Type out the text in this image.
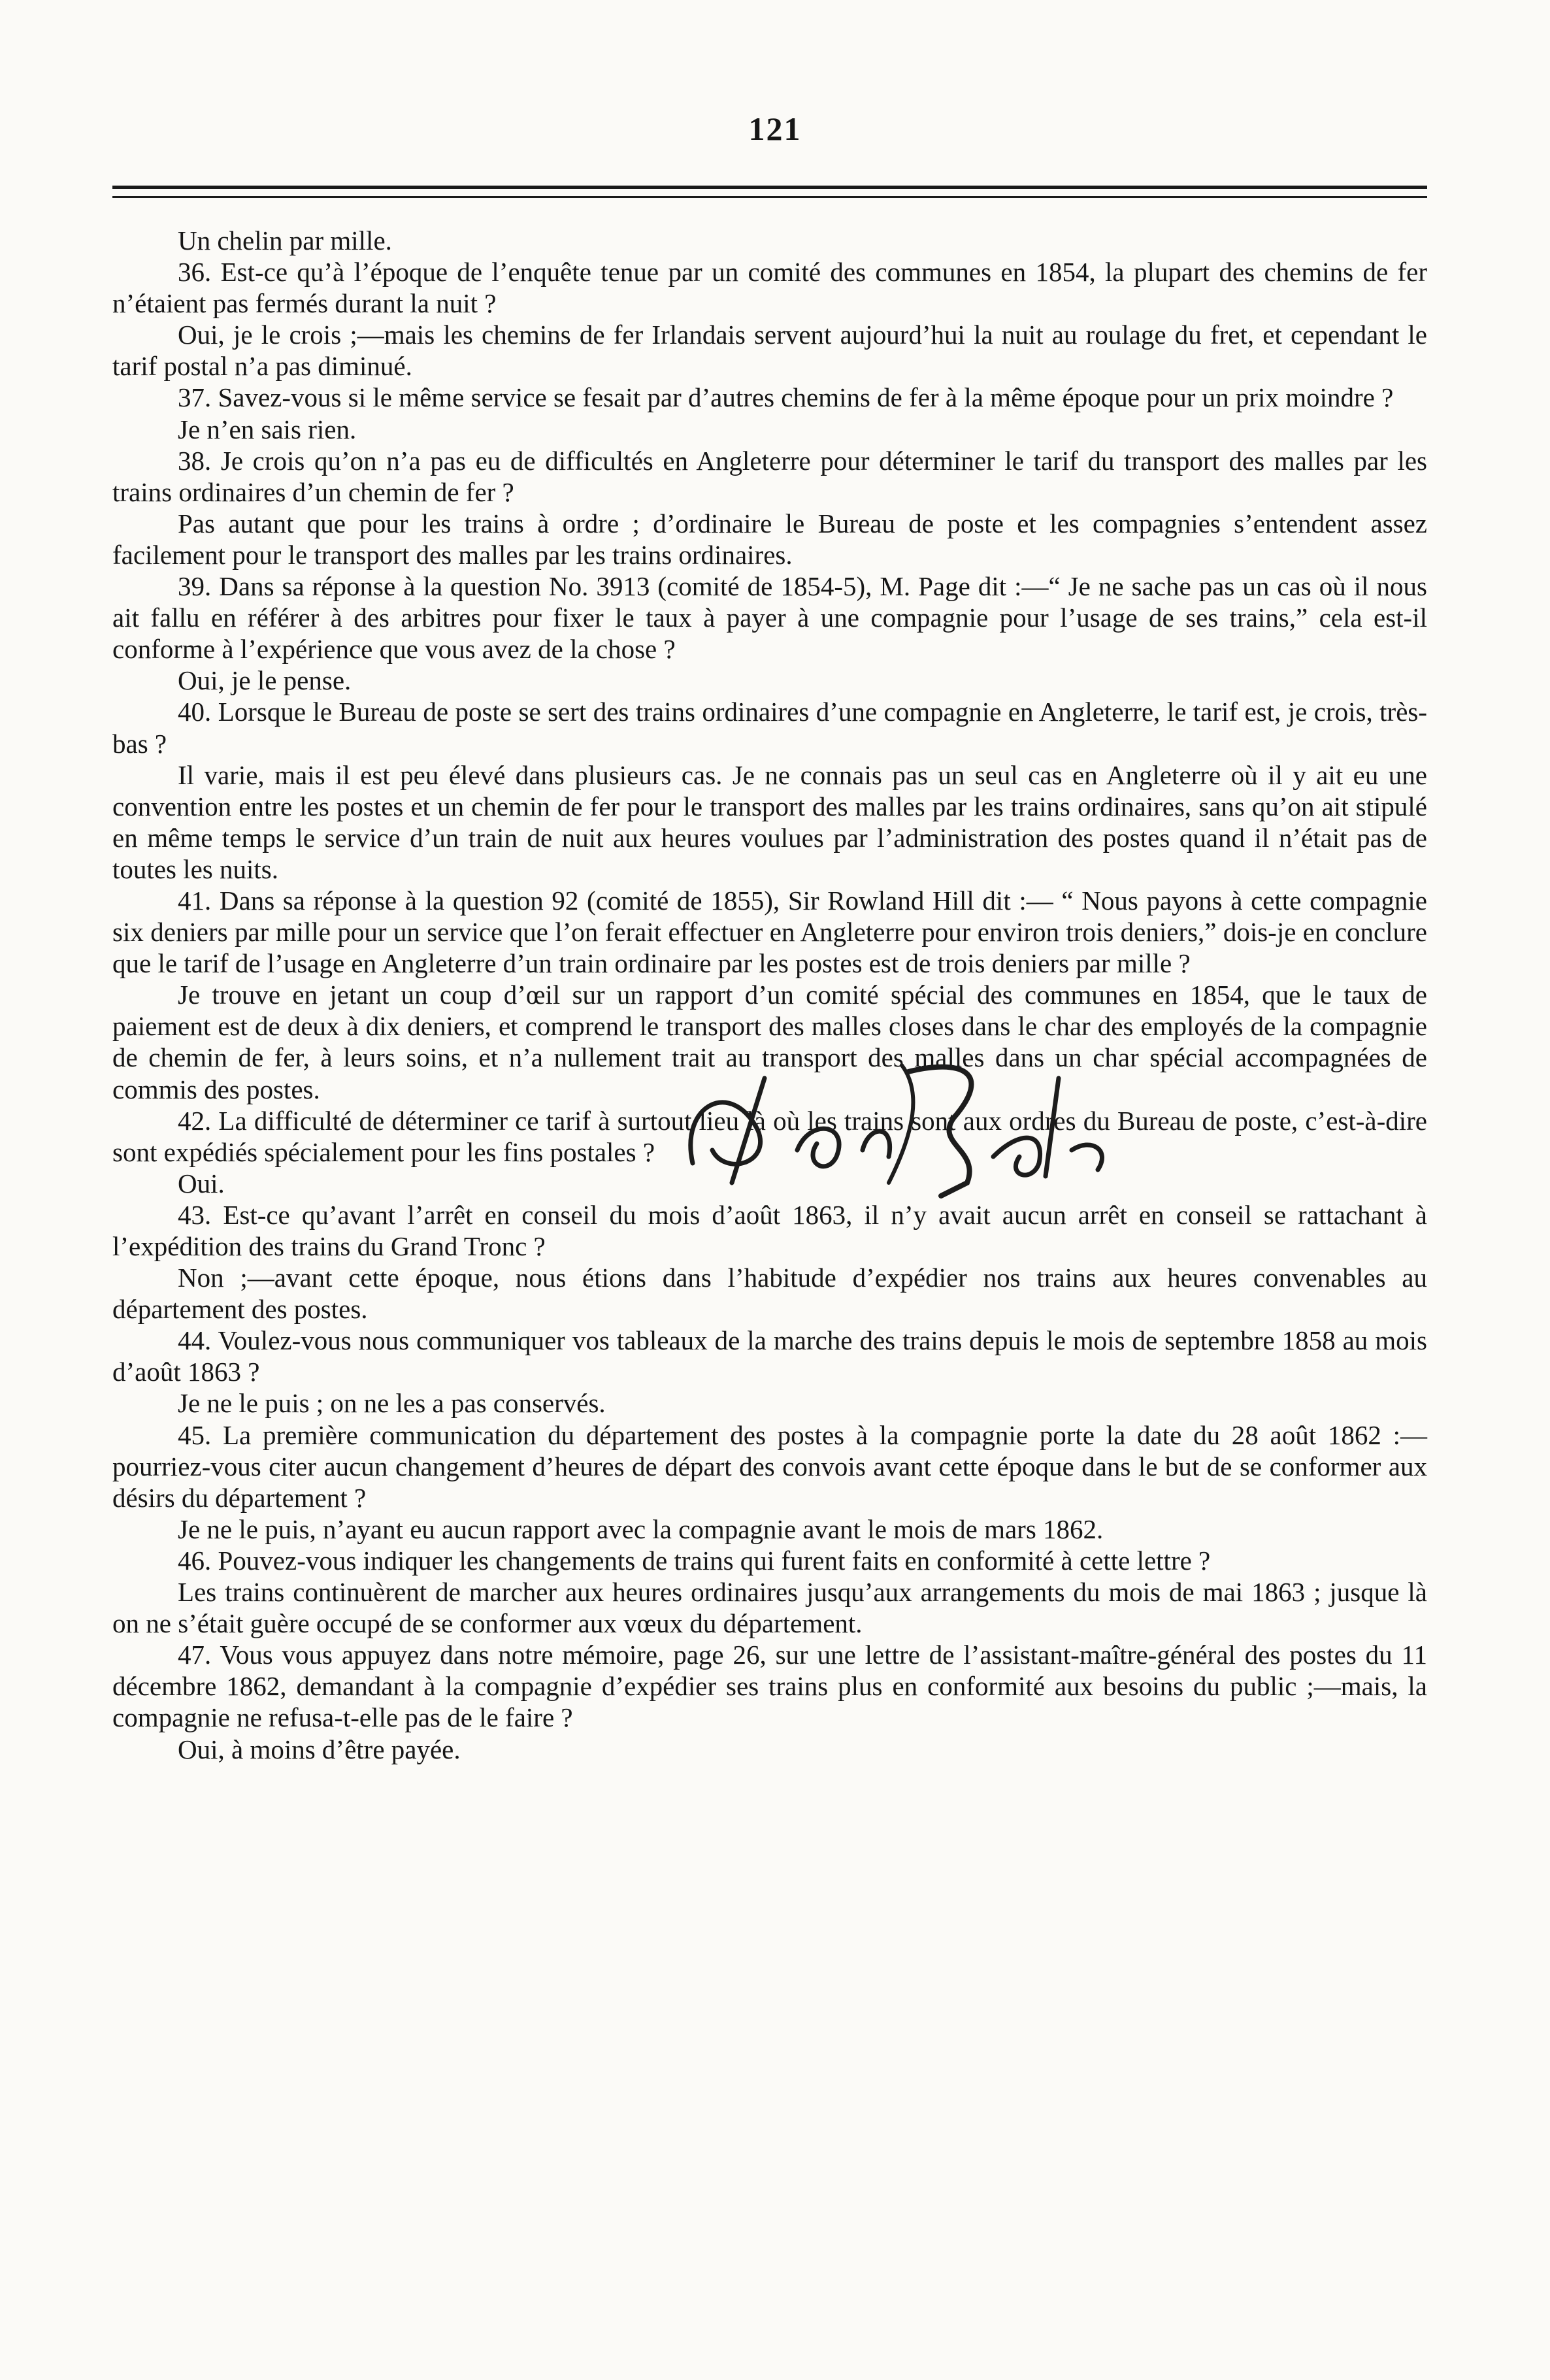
121

Un chelin par mille.

36. Est-ce qu’à l’époque de l’enquête tenue par un comité des communes en 1854, la plupart des chemins de fer n’étaient pas fermés durant la nuit ?

Oui, je le crois ;—mais les chemins de fer Irlandais servent aujourd’hui la nuit au roulage du fret, et cependant le tarif postal n’a pas diminué.

37. Savez-vous si le même service se fesait par d’autres chemins de fer à la même époque pour un prix moindre ?

Je n’en sais rien.

38. Je crois qu’on n’a pas eu de difficultés en Angleterre pour déterminer le tarif du transport des malles par les trains ordinaires d’un chemin de fer ?

Pas autant que pour les trains à ordre ; d’ordinaire le Bureau de poste et les compagnies s’entendent assez facilement pour le transport des malles par les trains ordinaires.

39. Dans sa réponse à la question No. 3913 (comité de 1854-5), M. Page dit :—“ Je ne sache pas un cas où il nous ait fallu en référer à des arbitres pour fixer le taux à payer à une compagnie pour l’usage de ses trains,” cela est-il conforme à l’expérience que vous avez de la chose ?

Oui, je le pense.

40. Lorsque le Bureau de poste se sert des trains ordinaires d’une compagnie en Angleterre, le tarif est, je crois, très-bas ?

Il varie, mais il est peu élevé dans plusieurs cas. Je ne connais pas un seul cas en Angleterre où il y ait eu une convention entre les postes et un chemin de fer pour le transport des malles par les trains ordinaires, sans qu’on ait stipulé en même temps le service d’un train de nuit aux heures voulues par l’administration des postes quand il n’était pas de toutes les nuits.

41. Dans sa réponse à la question 92 (comité de 1855), Sir Rowland Hill dit :— “ Nous payons à cette compagnie six deniers par mille pour un service que l’on ferait effectuer en Angleterre pour environ trois deniers,” dois-je en conclure que le tarif de l’usage en Angleterre d’un train ordinaire par les postes est de trois deniers par mille ?

Je trouve en jetant un coup d’œil sur un rapport d’un comité spécial des communes en 1854, que le taux de paiement est de deux à dix deniers, et comprend le transport des malles closes dans le char des employés de la compagnie de chemin de fer, à leurs soins, et n’a nullement trait au transport des malles dans un char spécial accompagnées de commis des postes.

42. La difficulté de déterminer ce tarif à surtout lieu là où les trains sont aux ordres du Bureau de poste, c’est-à-dire sont expédiés spécialement pour les fins postales ?

Oui.

43. Est-ce qu’avant l’arrêt en conseil du mois d’août 1863, il n’y avait aucun arrêt en conseil se rattachant à l’expédition des trains du Grand Tronc ?

Non ;—avant cette époque, nous étions dans l’habitude d’expédier nos trains aux heures convenables au département des postes.

44. Voulez-vous nous communiquer vos tableaux de la marche des trains depuis le mois de septembre 1858 au mois d’août 1863 ?

Je ne le puis ; on ne les a pas conservés.

45. La première communication du département des postes à la compagnie porte la date du 28 août 1862 :—pourriez-vous citer aucun changement d’heures de départ des convois avant cette époque dans le but de se conformer aux désirs du département ?

Je ne le puis, n’ayant eu aucun rapport avec la compagnie avant le mois de mars 1862.

46. Pouvez-vous indiquer les changements de trains qui furent faits en conformité à cette lettre ?

Les trains continuèrent de marcher aux heures ordinaires jusqu’aux arrangements du mois de mai 1863 ; jusque là on ne s’était guère occupé de se conformer aux vœux du département.

47. Vous vous appuyez dans notre mémoire, page 26, sur une lettre de l’assistant-maître-général des postes du 11 décembre 1862, demandant à la compagnie d’expédier ses trains plus en conformité aux besoins du public ;—mais, la compagnie ne refusa-t-elle pas de le faire ?

Oui, à moins d’être payée.
